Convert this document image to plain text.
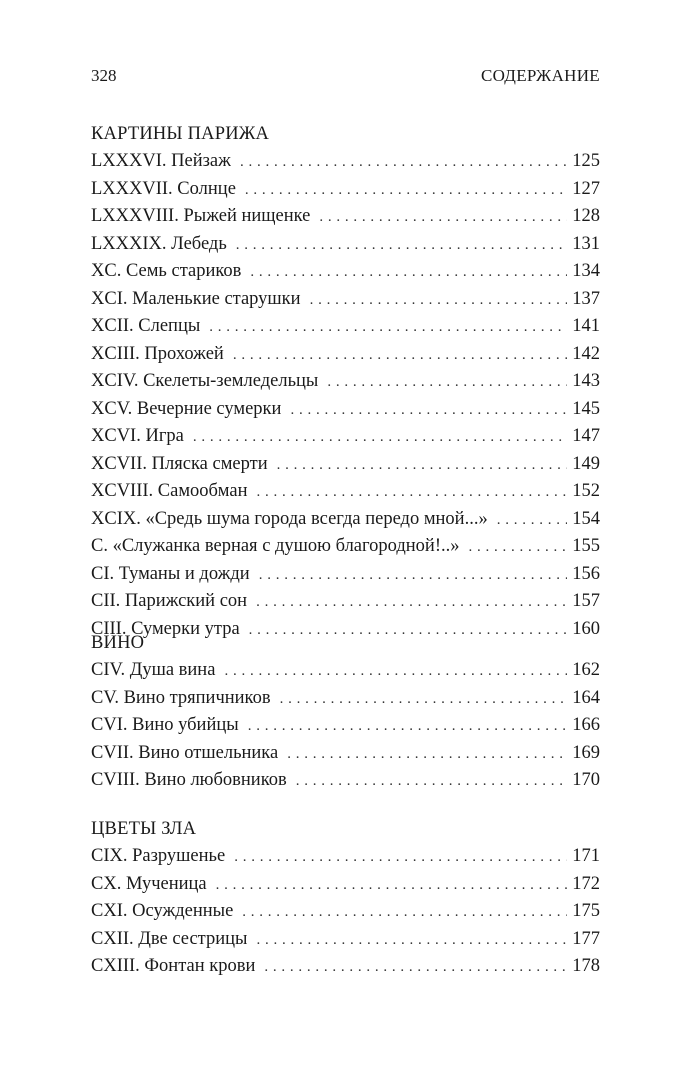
328	СОДЕРЖАНИЕ
КАРТИНЫ ПАРИЖА
LXXXVI. Пейзаж . . .	125
LXXXVII. Солнце . . .	127
LXXXVIII. Рыжей нищенке . . .	128
LXXXIX. Лебедь . . .	131
XC. Семь стариков . . .	134
XCI. Маленькие старушки . . .	137
XCII. Слепцы . . .	141
XCIII. Прохожей . . .	142
XCIV. Скелеты-земледельцы . . .	143
XCV. Вечерние сумерки . . .	145
XCVI. Игра . . .	147
XCVII. Пляска смерти . . .	149
XCVIII. Самообман . . .	152
XCIX. «Средь шума города всегда передо мной...» . . .	154
C. «Служанка верная с душою благородной!..» . . .	155
CI. Туманы и дожди . . .	156
CII. Парижский сон . . .	157
CIII. Сумерки утра . . .	160
ВИНО
CIV. Душа вина . . .	162
CV. Вино тряпичников . . .	164
CVI. Вино убийцы . . .	166
CVII. Вино отшельника . . .	169
CVIII. Вино любовников . . .	170
ЦВЕТЫ ЗЛА
CIX. Разрушенье . . .	171
CX. Мученица . . .	172
CXI. Осужденные . . .	175
CXII. Две сестрицы . . .	177
CXIII. Фонтан крови . . .	178
